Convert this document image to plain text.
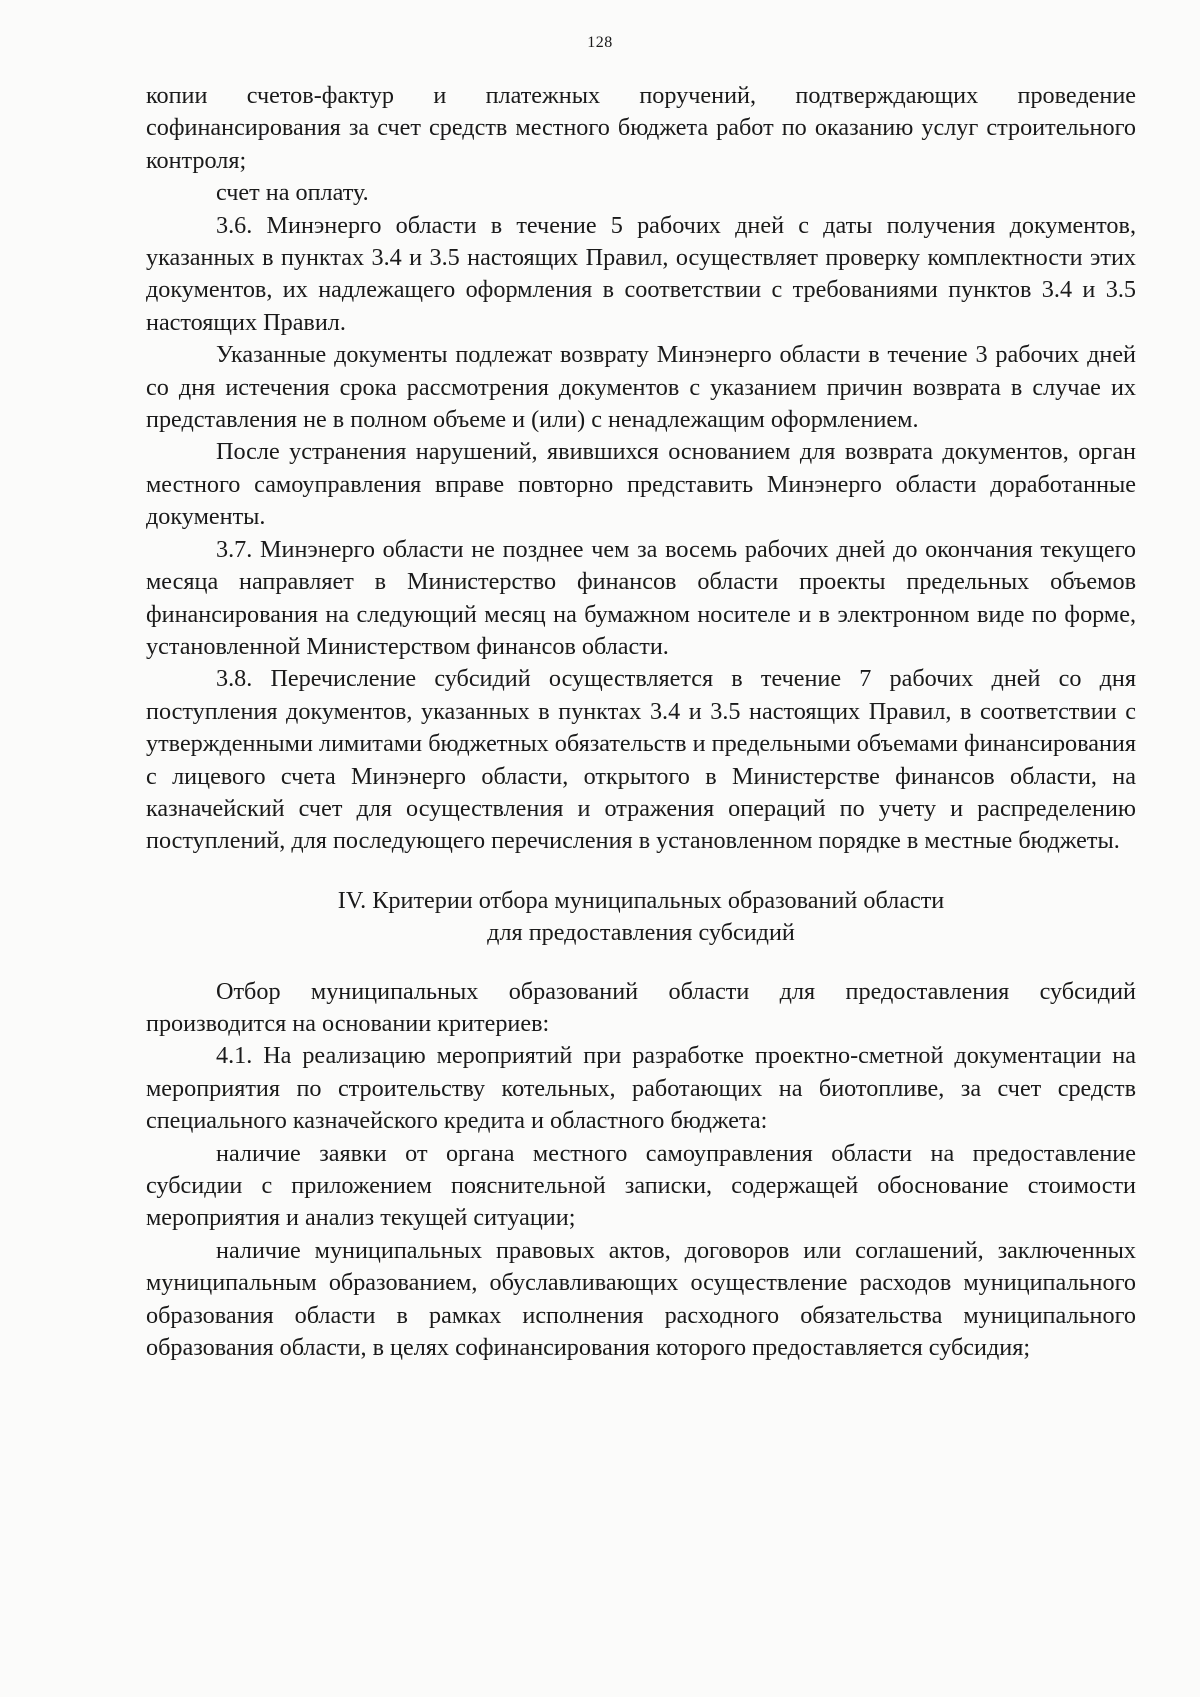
128

копии счетов-фактур и платежных поручений, подтверждающих проведение софинансирования за счет средств местного бюджета работ по оказанию услуг строительного контроля;

счет на оплату.

3.6. Минэнерго области в течение 5 рабочих дней с даты получения документов, указанных в пунктах 3.4 и 3.5 настоящих Правил, осуществляет проверку комплектности этих документов, их надлежащего оформления в соответствии с требованиями пунктов 3.4 и 3.5 настоящих Правил.

Указанные документы подлежат возврату Минэнерго области в течение 3 рабочих дней со дня истечения срока рассмотрения документов с указанием причин возврата в случае их представления не в полном объеме и (или) с ненадлежащим оформлением.

После устранения нарушений, явившихся основанием для возврата документов, орган местного самоуправления вправе повторно представить Минэнерго области доработанные документы.

3.7. Минэнерго области не позднее чем за восемь рабочих дней до окончания текущего месяца направляет в Министерство финансов области проекты предельных объемов финансирования на следующий месяц на бумажном носителе и в электронном виде по форме, установленной Министерством финансов области.

3.8. Перечисление субсидий осуществляется в течение 7 рабочих дней со дня поступления документов, указанных в пунктах 3.4 и 3.5 настоящих Правил, в соответствии с утвержденными лимитами бюджетных обязательств и предельными объемами финансирования с лицевого счета Минэнерго области, открытого в Министерстве финансов области, на казначейский счет для осуществления и отражения операций по учету и распределению поступлений, для последующего перечисления в установленном порядке в местные бюджеты.

IV. Критерии отбора муниципальных образований области
для предоставления субсидий

Отбор муниципальных образований области для предоставления субсидий производится на основании критериев:

4.1. На реализацию мероприятий при разработке проектно-сметной документации на мероприятия по строительству котельных, работающих на биотопливе, за счет средств специального казначейского кредита и областного бюджета:

наличие заявки от органа местного самоуправления области на предоставление субсидии с приложением пояснительной записки, содержащей обоснование стоимости мероприятия и анализ текущей ситуации;

наличие муниципальных правовых актов, договоров или соглашений, заключенных муниципальным образованием, обуславливающих осуществление расходов муниципального образования области в рамках исполнения расходного обязательства муниципального образования области, в целях софинансирования которого предоставляется субсидия;
